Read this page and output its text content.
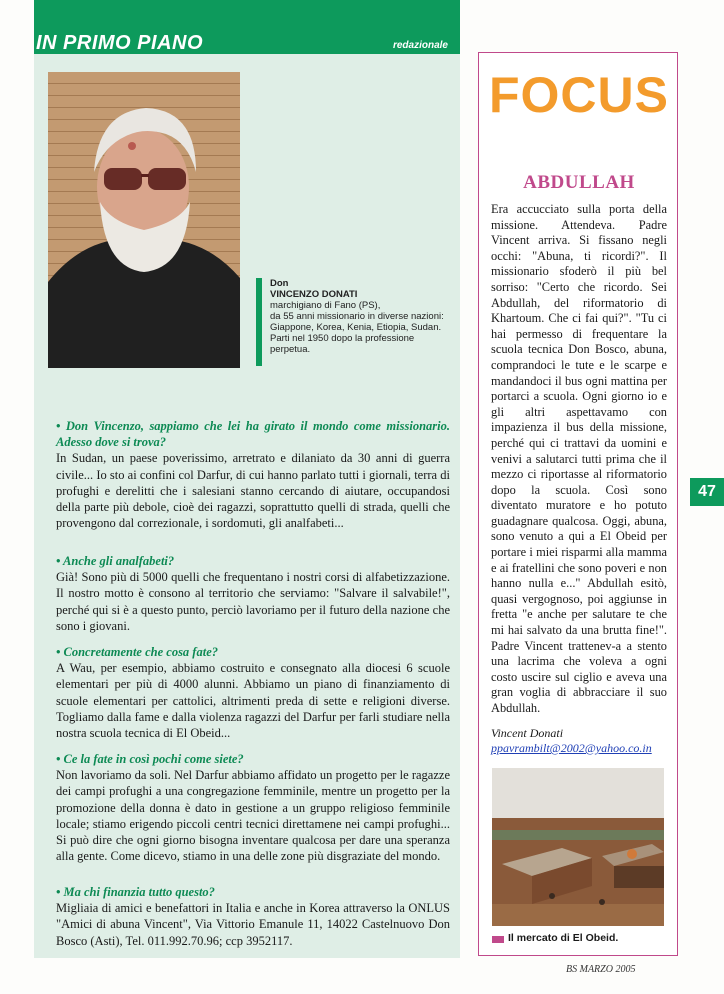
IN PRIMO PIANO	redazionale
Don
VINCENZO DONATI
marchigiano di Fano (PS),
da 55 anni missionario in diverse nazioni: Giappone, Korea, Kenia, Etiopia, Sudan.
Parti nel 1950 dopo la professione perpetua.

• Don Vincenzo, sappiamo che lei ha girato il mondo come missionario. Adesso dove si trova?

In Sudan, un paese poverissimo, arretrato e dilaniato da 30 anni di guerra civile... Io sto ai confini col Darfur, di cui hanno parlato tutti i giornali, terra di profughi e derelitti che i salesiani stanno cercando di aiutare, occupandosi della parte più debole, cioè dei ragazzi, soprattutto quelli di strada, quelli che provengono dal correzionale, i sordomuti, gli analfabeti...

• Anche gli analfabeti?

Già! Sono più di 5000 quelli che frequentano i nostri corsi di alfabetizzazione. Il nostro motto è consono al territorio che serviamo: "Salvare il salvabile!", perché qui si è a questo punto, perciò lavoriamo per il futuro della nazione che sono i giovani.

• Concretamente che cosa fate?

A Wau, per esempio, abbiamo costruito e consegnato alla diocesi 6 scuole elementari per più di 4000 alunni. Abbiamo un piano di finanziamento di scuole elementari per cattolici, altrimenti preda di sette e religioni diverse. Togliamo dalla fame e dalla violenza ragazzi del Darfur per farli studiare nella nostra scuola tecnica di El Obeid...

• Ce la fate in così pochi come siete?

Non lavoriamo da soli. Nel Darfur abbiamo affidato un progetto per le ragazze dei campi profughi a una congregazione femminile, mentre un progetto per la promozione della donna è dato in gestione a un gruppo religioso femminile locale; stiamo erigendo piccoli centri tecnici direttamene nei campi profughi... Si può dire che ogni giorno bisogna inventare qualcosa per dare una speranza alla gente. Come dicevo, stiamo in una delle zone più disgraziate del mondo.

• Ma chi finanzia tutto questo?

Migliaia di amici e benefattori in Italia e anche in Korea attraverso la ONLUS "Amici di abuna Vincent", Via Vittorio Emanule 11, 14022 Castelnuovo Don Bosco (Asti), Tel. 011.992.70.96; ccp 3952117.

FOCUS
ABDULLAH
Era accucciato sulla porta della missione. Attendeva. Padre Vincent arriva. Si fissano negli occhi: "Abuna, ti ricordi?". Il missionario sfoderò il più bel sorriso: "Certo che ricordo. Sei Abdullah, del riformatorio di Khartoum. Che ci fai qui?". "Tu ci hai permesso di frequentare la scuola tecnica Don Bosco, abuna, comprandoci le tute e le scarpe e mandandoci il bus ogni mattina per portarci a scuola. Ogni giorno io e gli altri aspettavamo con impazienza il bus della missione, perché qui ci trattavi da uomini e venivi a salutarci tutti prima che il mezzo ci riportasse al riformatorio dopo la scuola. Così sono diventato muratore e ho potuto guadagnare qualcosa. Oggi, abuna, sono venuto a qui a El Obeid per portare i miei risparmi alla mamma e ai fratellini che sono poveri e non hanno nulla e..." Abdullah esitò, quasi vergognoso, poi aggiunse in fretta "e anche per salutare te che mi hai salvato da una brutta fine!". Padre Vincent trattenev-a a stento una lacrima che voleva a ogni costo uscire sul ciglio e aveva una gran voglia di abbracciare il suo Abdullah.
Vincent Donati
ppavrambilt@2002@yahoo.co.in
Il mercato di El Obeid.
47
BS MARZO 2005
